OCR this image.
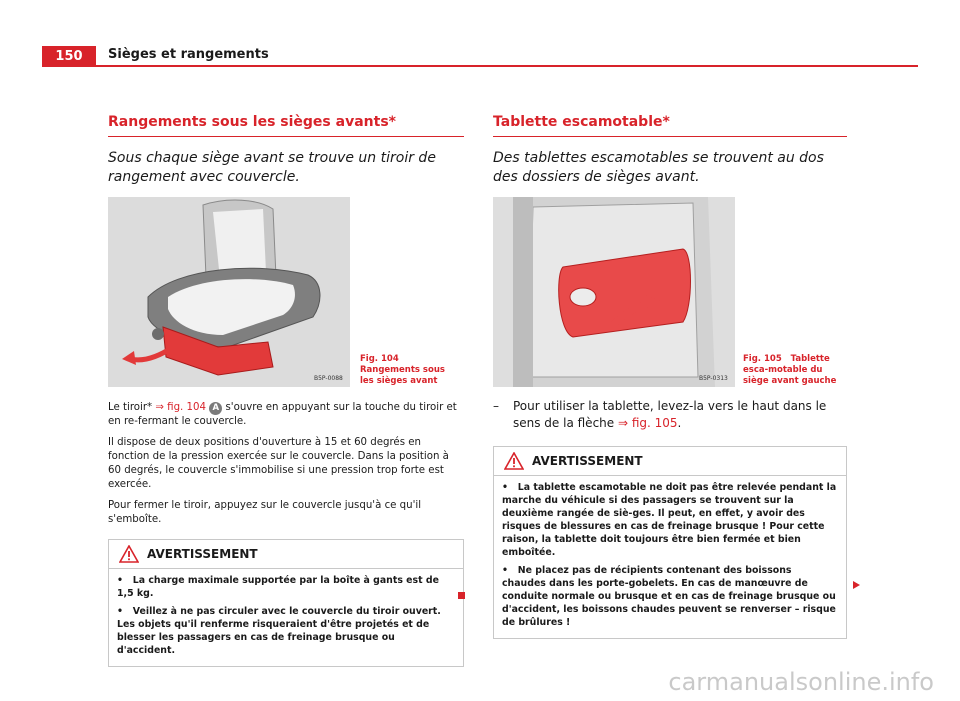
150	Sièges et rangements
Rangements sous les sièges avants*

Sous chaque siège avant se trouve un tiroir de rangement avec couvercle.

B5P-0088
Fig. 104   Rangements sous les sièges avant

Le tiroir* ⇒ fig. 104 A s'ouvre en appuyant sur la touche du tiroir et en re-fermant le couvercle.

Il dispose de deux positions d'ouverture à 15 et 60 degrés en fonction de la pression exercée sur le couvercle. Dans la position à 60 degrés, le couvercle s'immobilise si une pression trop forte est exercée.

Pour fermer le tiroir, appuyez sur le couvercle jusqu'à ce qu'il s'emboîte.

AVERTISSEMENT

•   La charge maximale supportée par la boîte à gants est de 1,5 kg.

•   Veillez à ne pas circuler avec le couvercle du tiroir ouvert. Les objets qu'il renferme risqueraient d'être projetés et de blesser les passagers en cas de freinage brusque ou d'accident.

Tablette escamotable*

Des tablettes escamotables se trouvent au dos des dossiers de sièges avant.

B5P-0313
Fig. 105 Tablette esca-motable du siège avant gauche
–	Pour utiliser la tablette, levez-la vers le haut dans le sens de la flèche ⇒ fig. 105.
AVERTISSEMENT

•   La tablette escamotable ne doit pas être relevée pendant la marche du véhicule si des passagers se trouvent sur la deuxième rangée de siè-ges. Il peut, en effet, y avoir des risques de blessures en cas de freinage brusque ! Pour cette raison, la tablette doit toujours être bien fermée et bien emboîtée.

•   Ne placez pas de récipients contenant des boissons chaudes dans les porte-gobelets. En cas de manœuvre de conduite normale ou brusque et en cas de freinage brusque ou d'accident, les boissons chaudes peuvent se renverser – risque de brûlures !

carmanualsonline.info
